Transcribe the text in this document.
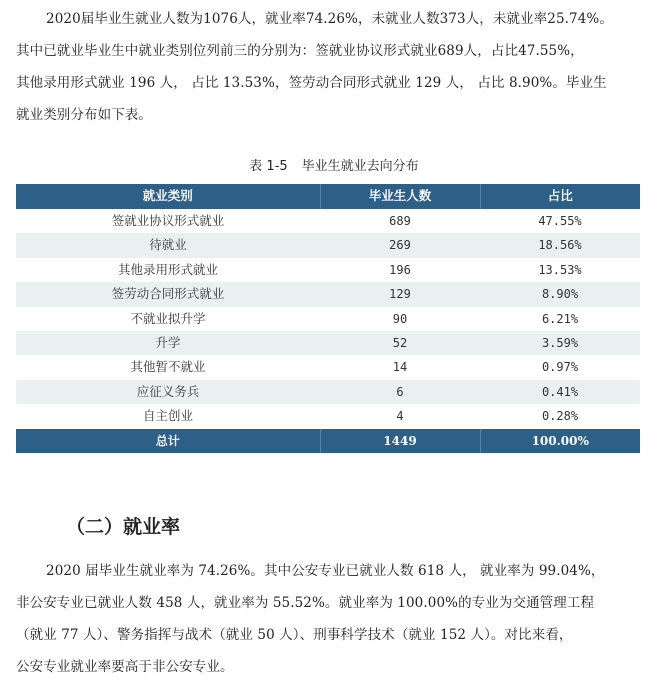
2020届毕业生就业人数为1076人，就业率74.26%，未就业人数373人，未就业率25.74%。
其中已就业毕业生中就业类别位列前三的分别为：签就业协议形式就业689人，占比47.55%，
其他录用形式就业 196 人， 占比 13.53%，签劳动合同形式就业 129 人， 占比 8.90%。毕业生
就业类别分布如下表。
表 1-5 毕业生就业去向分布
就业类别	毕业生人数	占比
签就业协议形式就业	689	47.55%
待就业	269	18.56%
其他录用形式就业	196	13.53%
签劳动合同形式就业	129	8.90%
不就业拟升学	90	6.21%
升学	52	3.59%
其他暂不就业	14	0.97%
应征义务兵	6	0.41%
自主创业	4	0.28%
总计	1449	100.00%
（二）就业率
2020 届毕业生就业率为 74.26%。其中公安专业已就业人数 618 人， 就业率为 99.04%，
非公安专业已就业人数 458 人，就业率为 55.52%。就业率为 100.00%的专业为交通管理工程
（就业 77 人）、警务指挥与战术（就业 50 人）、刑事科学技术（就业 152 人）。对比来看，
公安专业就业率要高于非公安专业。
